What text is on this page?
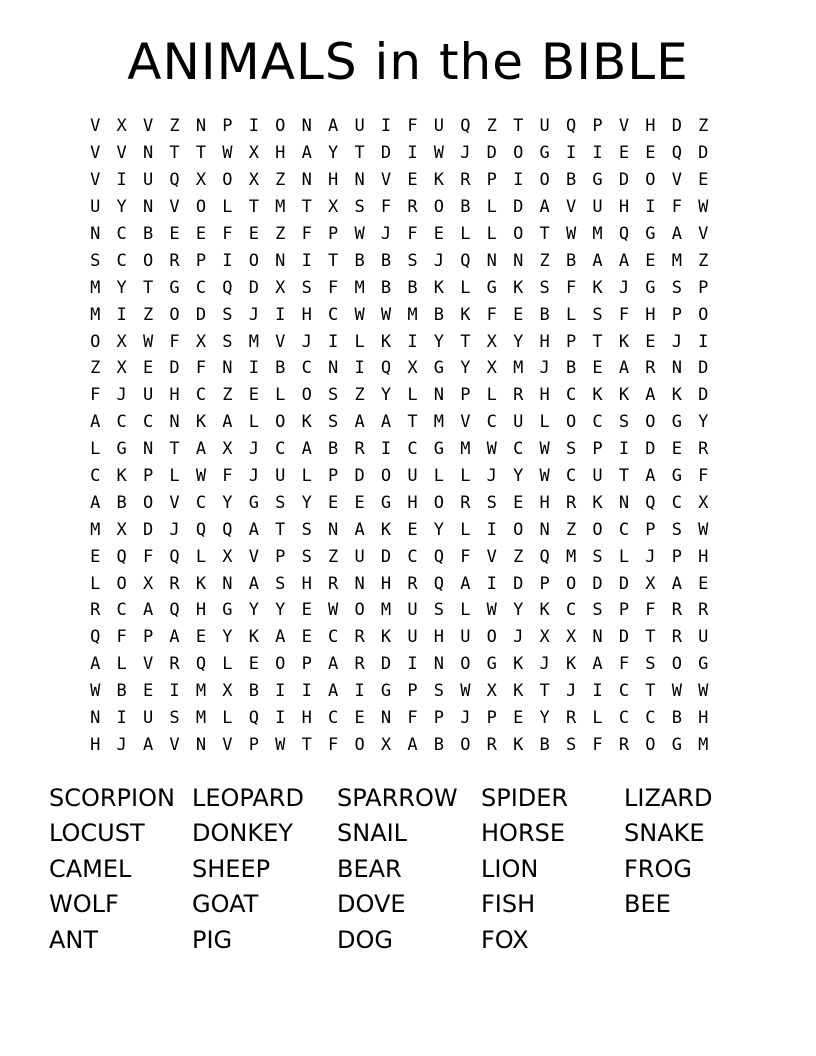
ANIMALS in the BIBLE
V X V Z N P I O N A U I F U Q Z T U Q P V H D Z
V V N T T W X H A Y T D I W J D O G I I E E Q D
V I U Q X O X Z N H N V E K R P I O B G D O V E
U Y N V O L T M T X S F R O B L D A V U H I F W
N C B E E F E Z F P W J F E L L O T W M Q G A V
S C O R P I O N I T B B S J Q N N Z B A A E M Z
M Y T G C Q D X S F M B B K L G K S F K J G S P
M I Z O D S J I H C W W M B K F E B L S F H P O
O X W F X S M V J I L K I Y T X Y H P T K E J I
Z X E D F N I B C N I Q X G Y X M J B E A R N D
F J U H C Z E L O S Z Y L N P L R H C K K A K D
A C C N K A L O K S A A T M V C U L O C S O G Y
L G N T A X J C A B R I C G M W C W S P I D E R
C K P L W F J U L P D O U L L J Y W C U T A G F
A B O V C Y G S Y E E G H O R S E H R K N Q C X
M X D J Q Q A T S N A K E Y L I O N Z O C P S W
E Q F Q L X V P S Z U D C Q F V Z Q M S L J P H
L O X R K N A S H R N H R Q A I D P O D D X A E
R C A Q H G Y Y E W O M U S L W Y K C S P F R R
Q F P A E Y K A E C R K U H U O J X X N D T R U
A L V R Q L E O P A R D I N O G K J K A F S O G
W B E I M X B I I A I G P S W X K T J I C T W W
N I U S M L Q I H C E N F P J P E Y R L C C B H
H J A V N V P W T F O X A B O R K B S F R O G M
SCORPION LEOPARD	SPARROW SPIDER	LIZARD
LOCUST	DONKEY	SNAIL	HORSE	SNAKE
CAMEL	SHEEP	BEAR	LION	FROG
WOLF	GOAT	DOVE	FISH	BEE
ANT	PIG	DOG	FOX
